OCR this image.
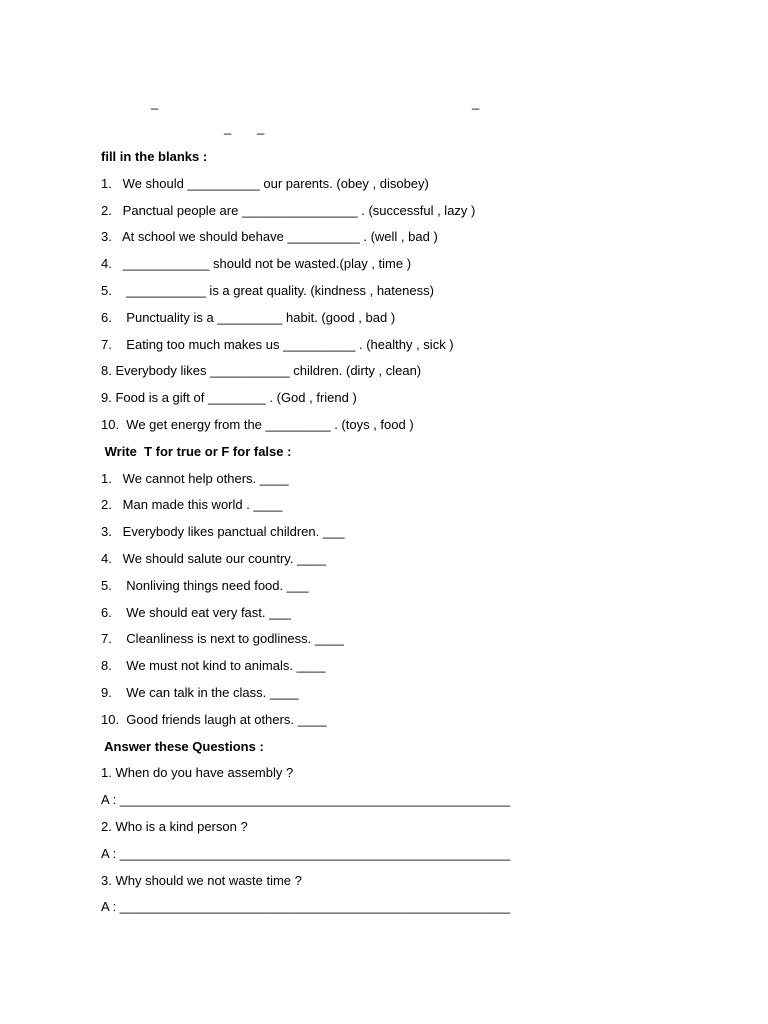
_	_
_ _
fill in the blanks :
1.   We should __________ our parents. (obey , disobey)
2.   Panctual people are ________________ . (successful , lazy )
3.   At school we should behave __________ . (well , bad )
4.   ____________ should not be wasted.(play , time )
5.    ___________ is a great quality. (kindness , hateness)
6.    Punctuality is a _________ habit. (good , bad )
7.    Eating too much makes us __________ . (healthy , sick )
8. Everybody likes ___________ children. (dirty , clean)
9. Food is a gift of ________ . (God , friend )
10.  We get energy from the _________ . (toys , food )
Write  T for true or F for false :
1.   We cannot help others. ____
2.   Man made this world . ____
3.   Everybody likes panctual children. ___
4.   We should salute our country. ____
5.    Nonliving things need food. ___
6.    We should eat very fast. ___
7.    Cleanliness is next to godliness. ____
8.    We must not kind to animals. ____
9.    We can talk in the class. ____
10.  Good friends laugh at others. ____
Answer these Questions :
1. When do you have assembly ?
A : ______________________________________________________
2. Who is a kind person ?
A : ______________________________________________________
3. Why should we not waste time ?
A : ______________________________________________________
